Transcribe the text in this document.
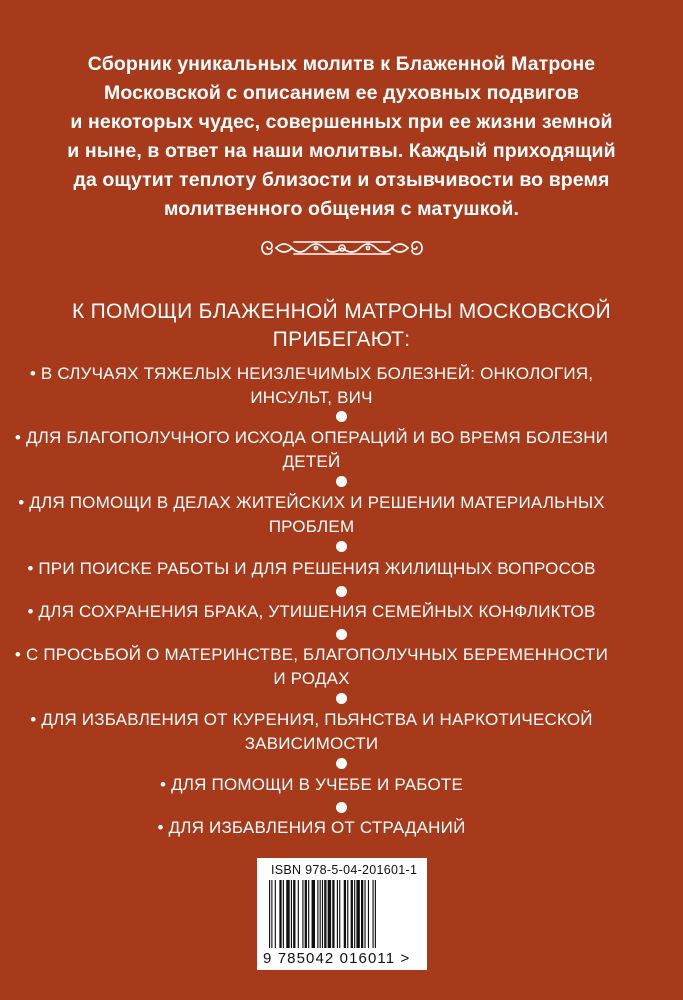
Сборник уникальных молитв к Блаженной Матроне
Московской с описанием ее духовных подвигов
и некоторых чудес, совершенных при ее жизни земной
и ныне, в ответ на наши молитвы. Каждый приходящий
да ощутит теплоту близости и отзывчивости во время
молитвенного общения с матушкой.
К ПОМОЩИ БЛАЖЕННОЙ МАТРОНЫ МОСКОВСКОЙ
ПРИБЕГАЮТ:
• В СЛУЧАЯХ ТЯЖЕЛЫХ НЕИЗЛЕЧИМЫХ БОЛЕЗНЕЙ: ОНКОЛОГИЯ,
ИНСУЛЬТ, ВИЧ
• ДЛЯ БЛАГОПОЛУЧНОГО ИСХОДА ОПЕРАЦИЙ И ВО ВРЕМЯ БОЛЕЗНИ
ДЕТЕЙ
• ДЛЯ ПОМОЩИ В ДЕЛАХ ЖИТЕЙСКИХ И РЕШЕНИИ МАТЕРИАЛЬНЫХ
ПРОБЛЕМ
• ПРИ ПОИСКЕ РАБОТЫ И ДЛЯ РЕШЕНИЯ ЖИЛИЩНЫХ ВОПРОСОВ
• ДЛЯ СОХРАНЕНИЯ БРАКА, УТИШЕНИЯ СЕМЕЙНЫХ КОНФЛИКТОВ
• С ПРОСЬБОЙ О МАТЕРИНСТВЕ, БЛАГОПОЛУЧНЫХ БЕРЕМЕННОСТИ
И РОДАХ
• ДЛЯ ИЗБАВЛЕНИЯ ОТ КУРЕНИЯ, ПЬЯНСТВА И НАРКОТИЧЕСКОЙ
ЗАВИСИМОСТИ
• ДЛЯ ПОМОЩИ В УЧЕБЕ И РАБОТЕ
• ДЛЯ ИЗБАВЛЕНИЯ ОТ СТРАДАНИЙ
ISBN 978-5-04-201601-1
9 785042 016011 >
